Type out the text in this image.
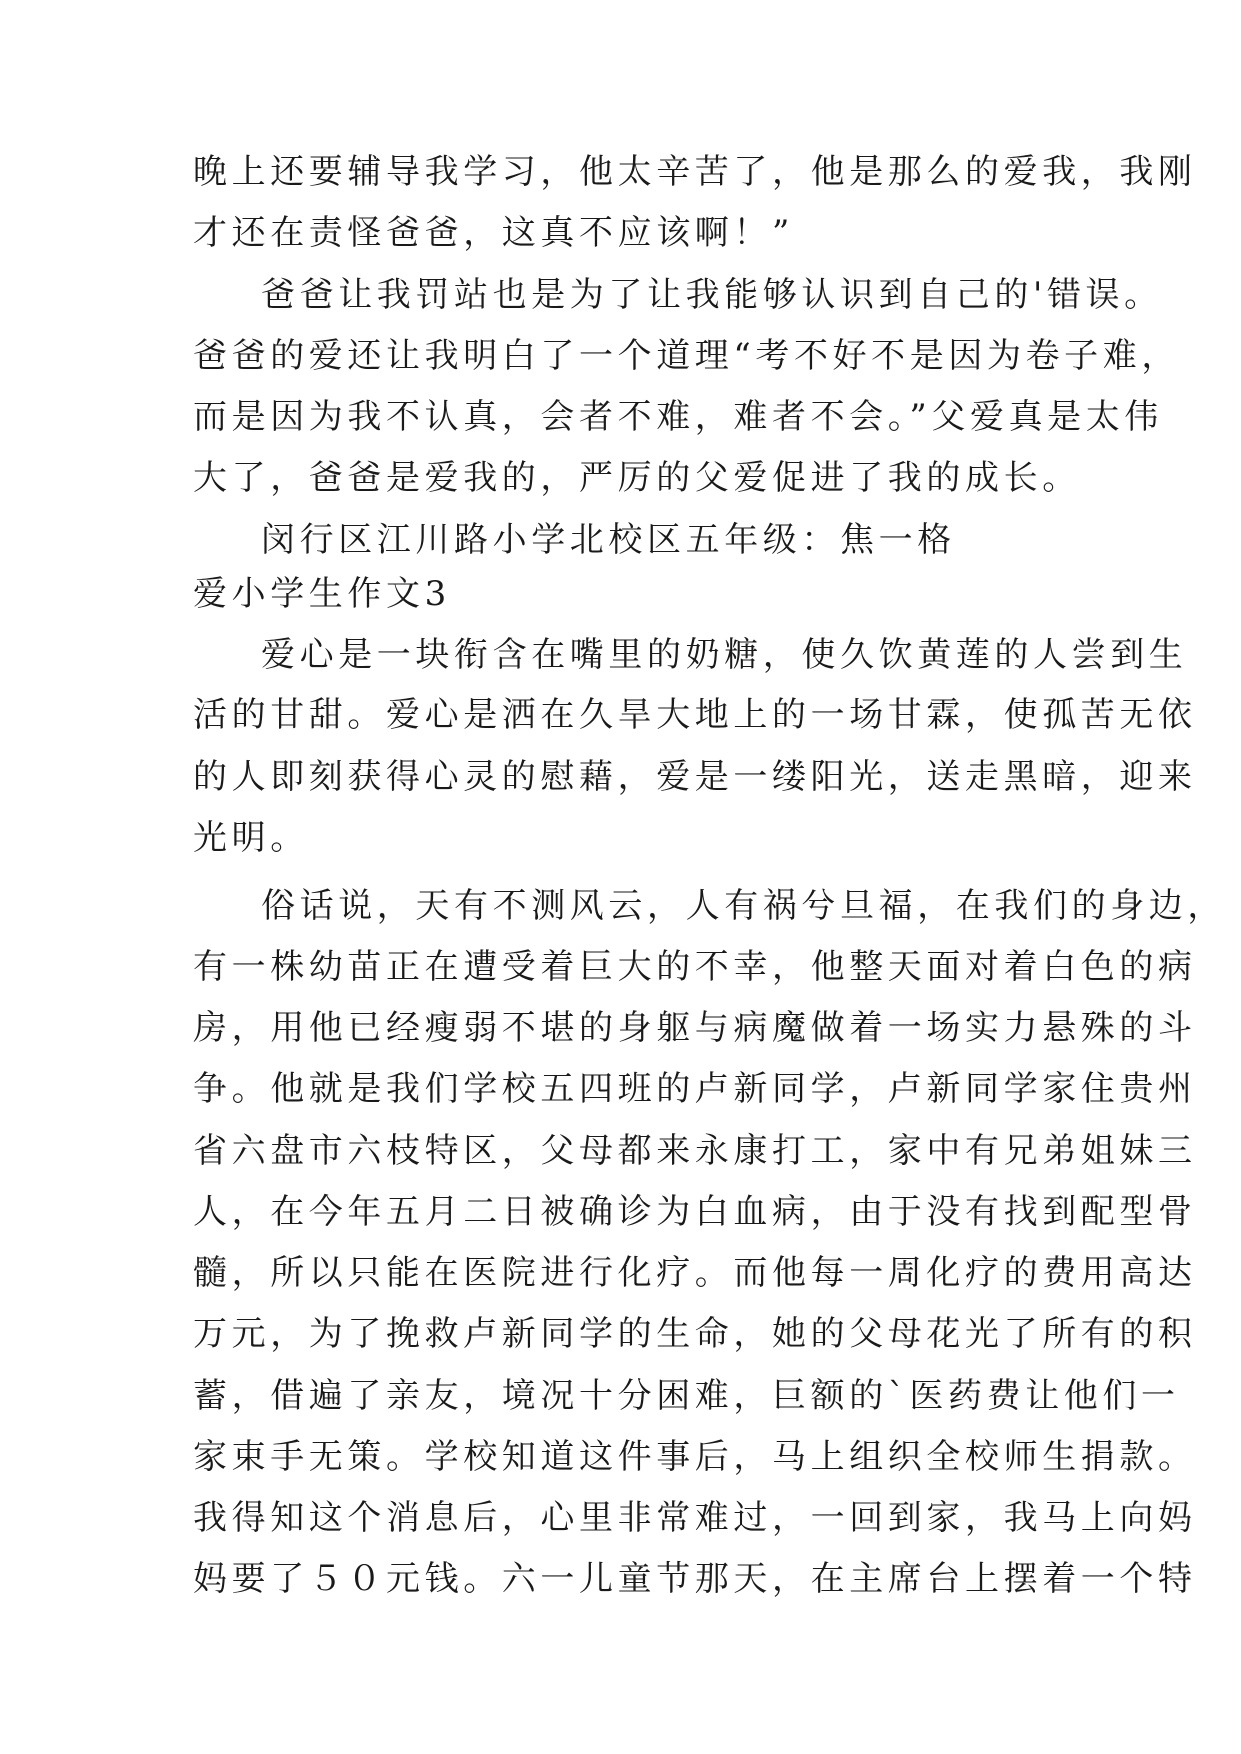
晚上还要辅导我学习，他太辛苦了，他是那么的爱我，我刚
才还在责怪爸爸，这真不应该啊！”
爸爸让我罚站也是为了让我能够认识到自己的'错误。
爸爸的爱还让我明白了一个道理“考不好不是因为卷子难，
而是因为我不认真，会者不难，难者不会。”父爱真是太伟
大了，爸爸是爱我的，严厉的父爱促进了我的成长。
闵行区江川路小学北校区五年级：焦一格
爱小学生作文3
爱心是一块衔含在嘴里的奶糖，使久饮黄莲的人尝到生
活的甘甜。爱心是洒在久旱大地上的一场甘霖，使孤苦无依
的人即刻获得心灵的慰藉，爱是一缕阳光，送走黑暗，迎来
光明。
俗话说，天有不测风云，人有祸兮旦福，在我们的身边，
有一株幼苗正在遭受着巨大的不幸，他整天面对着白色的病
房，用他已经瘦弱不堪的身躯与病魔做着一场实力悬殊的斗
争。他就是我们学校五四班的卢新同学，卢新同学家住贵州
省六盘市六枝特区，父母都来永康打工，家中有兄弟姐妹三
人，在今年五月二日被确诊为白血病，由于没有找到配型骨
髓，所以只能在医院进行化疗。而他每一周化疗的费用高达
万元，为了挽救卢新同学的生命，她的父母花光了所有的积
蓄，借遍了亲友，境况十分困难，巨额的`医药费让他们一
家束手无策。学校知道这件事后，马上组织全校师生捐款。
我得知这个消息后，心里非常难过，一回到家，我马上向妈
妈要了５０元钱。六一儿童节那天，在主席台上摆着一个特
